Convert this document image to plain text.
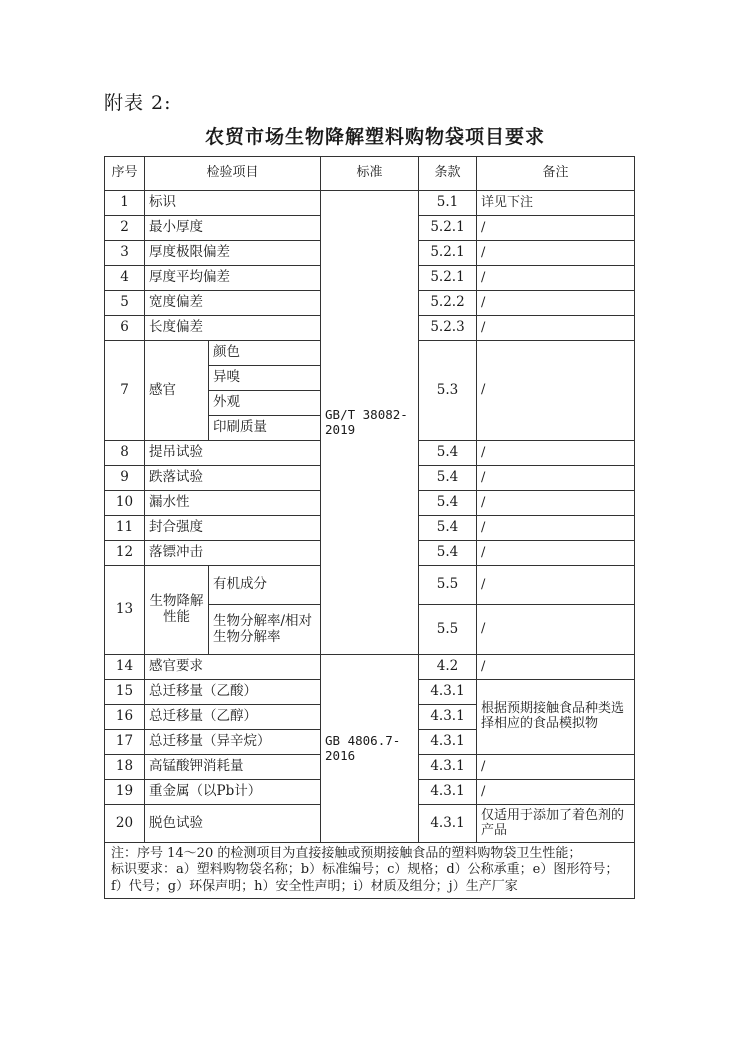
附表 2:
农贸市场生物降解塑料购物袋项目要求
序号	检验项目		标准	条款	备注
1	标识		GB/T 38082-2019	5.1	详见下注
2	最小厚度			5.2.1	/
3	厚度极限偏差			5.2.1	/
4	厚度平均偏差			5.2.1	/
5	宽度偏差			5.2.2	/
6	长度偏差			5.2.3	/
7	感官	颜色		5.3	/
		异嗅			
		外观			
		印刷质量			
8	提吊试验			5.4	/
9	跌落试验			5.4	/
10	漏水性			5.4	/
11	封合强度			5.4	/
12	落镖冲击			5.4	/
13	生物降解性能	有机成分		5.5	/
		生物分解率/相对生物分解率		5.5	/
14	感官要求		GB 4806.7-2016	4.2	/
15	总迁移量（乙酸）			4.3.1	根据预期接触食品种类选择相应的食品模拟物
16	总迁移量（乙醇）			4.3.1	
17	总迁移量（异辛烷）			4.3.1	
18	高锰酸钾消耗量			4.3.1	/
19	重金属（以Pb计）			4.3.1	/
20	脱色试验			4.3.1	仅适用于添加了着色剂的产品

注：序号 14～20 的检测项目为直接接触或预期接触食品的塑料购物袋卫生性能；
标识要求：a）塑料购物袋名称；b）标准编号；c）规格；d）公称承重；e）图形符号；f）代号；g）环保声明；h）安全性声明；i）材质及组分；j）生产厂家					
